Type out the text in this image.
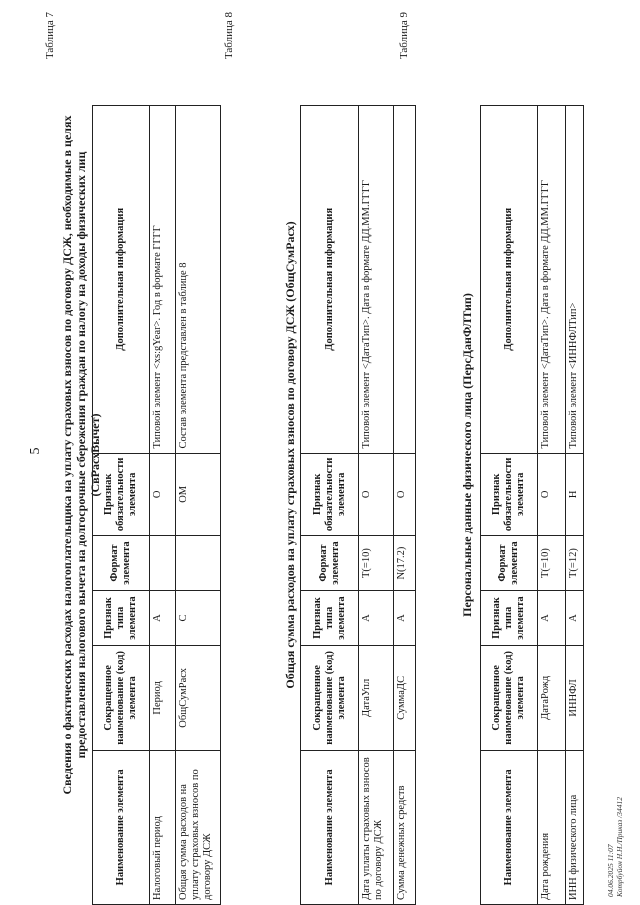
5
Таблица 7
Сведения о фактических расходах налогоплательщика на уплату страховых взносов по договору ДСЖ, необходимые в целях предоставления налогового вычета на долгосрочные сбережения граждан по налогу на доходы физических лиц (СвРасхВычет)
Наименование элемента	Сокращенное наименование (код) элемента	Признак типа элемента	Формат элемента	Признак обязательности элемента	Дополнительная информация
Налоговый период	Период	А		О	Типовой элемент <xs:gYear>. Год в формате ГГГГ
Общая сумма расходов на уплату страховых взносов по договору ДСЖ	ОбщСумРасх	С		ОМ	Состав элемента представлен в таблице 8
Таблица 8
Общая сумма расходов на уплату страховых взносов по договору ДСЖ (ОбщСумРасх)
Наименование элемента	Сокращенное наименование (код) элемента	Признак типа элемента	Формат элемента	Признак обязательности элемента	Дополнительная информация
Дата уплаты страховых взносов по договору ДСЖ	ДатаУпл	А	T(=10)	О	Типовой элемент <ДатаТип>. Дата в формате ДД.ММ.ГГГГ
Сумма денежных средств	СуммаДС	А	N(17.2)	О	
Таблица 9
Персональные данные физического лица (ПерсДанФЛТип)
Наименование элемента	Сокращенное наименование (код) элемента	Признак типа элемента	Формат элемента	Признак обязательности элемента	Дополнительная информация
Дата рождения	ДатаРожд	А	T(=10)	О	Типовой элемент <ДатаТип>. Дата в формате ДД.ММ.ГГГГ
ИНН физического лица	ИННФЛ	А	T(=12)	Н	Типовой элемент <ИННФЛТип>
04.06.2025 11:07 Котрбуйон Н.Н./Приказ /34412
